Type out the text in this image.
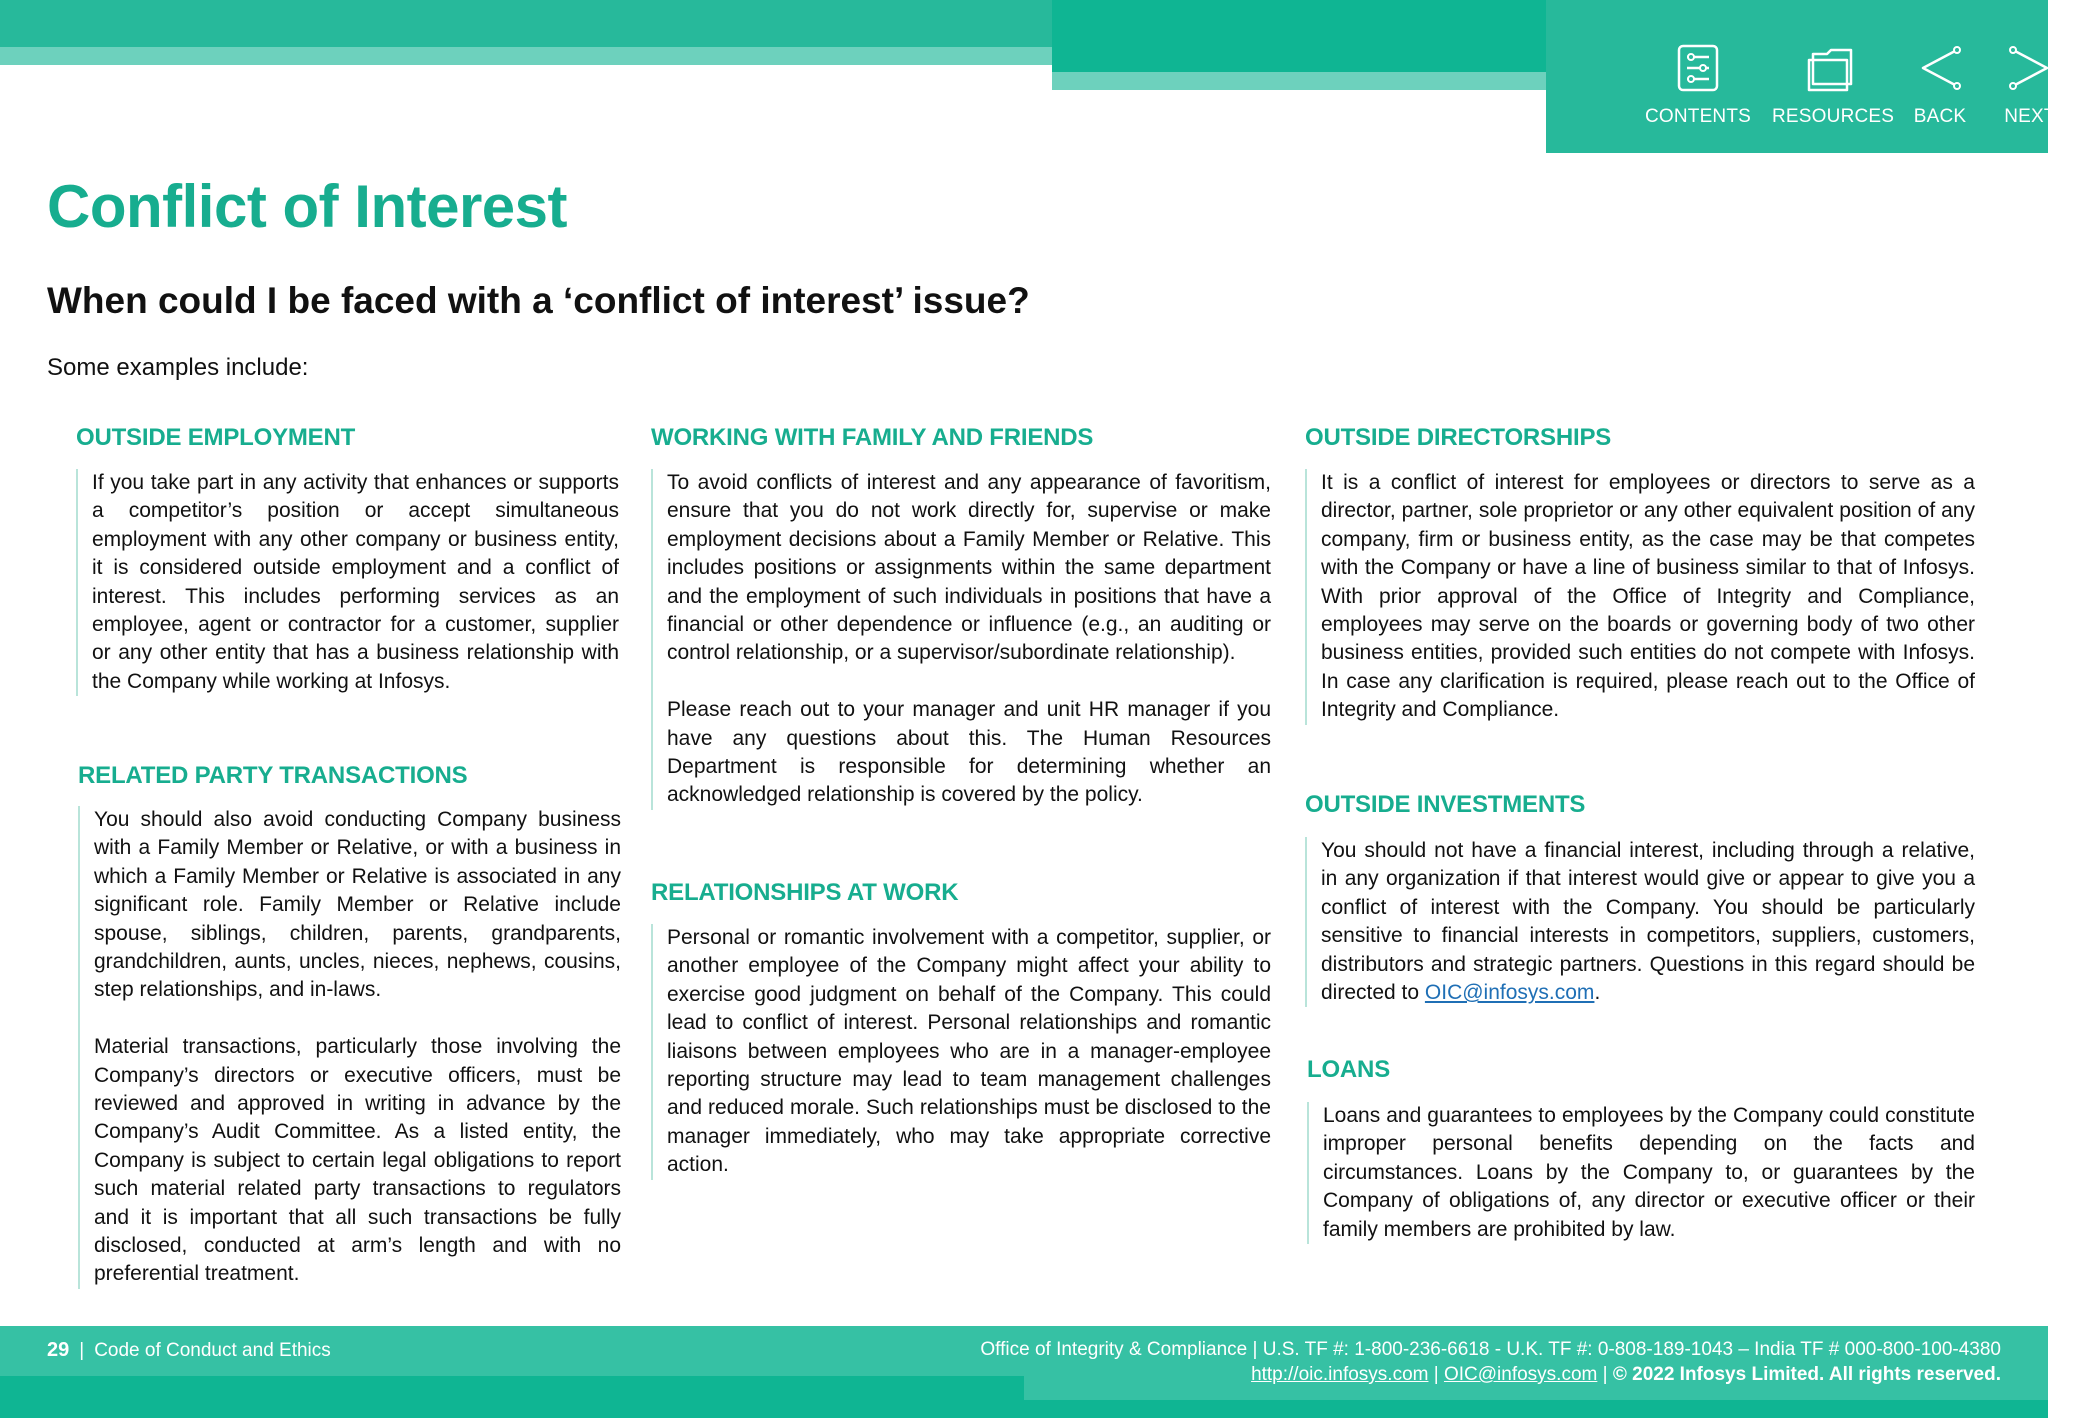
CONTENTS	RESOURCES	BACK	NEXT
Conflict of Interest
When could I be faced with a ‘conflict of interest’ issue?

Some examples include:

OUTSIDE EMPLOYMENT

If you take part in any activity that enhances or supports a competitor’s position or accept simultaneous employment with any other company or business entity, it is considered outside employment and a conflict of interest. This includes performing services as an employee, agent or contractor for a customer, supplier or any other entity that has a business relationship with the Company while working at Infosys.

RELATED PARTY TRANSACTIONS

You should also avoid conducting Company business with a Family Member or Relative, or with a business in which a Family Member or Relative is associated in any significant role. Family Member or Relative include spouse, siblings, children, parents, grandparents, grandchildren, aunts, uncles, nieces, nephews, cousins, step relationships, and in-laws.

Material transactions, particularly those involving the Company’s directors or executive officers, must be reviewed and approved in writing in advance by the Company’s Audit Committee. As a listed entity, the Company is subject to certain legal obligations to report such material related party transactions to regulators and it is important that all such transactions be fully disclosed, conducted at arm’s length and with no preferential treatment.

WORKING WITH FAMILY AND FRIENDS

To avoid conflicts of interest and any appearance of favoritism, ensure that you do not work directly for, supervise or make employment decisions about a Family Member or Relative. This includes positions or assignments within the same department and the employment of such individuals in positions that have a financial or other dependence or influence (e.g., an auditing or control relationship, or a supervisor/subordinate relationship).

Please reach out to your manager and unit HR manager if you have any questions about this. The Human Resources Department is responsible for determining whether an acknowledged relationship is covered by the policy.

RELATIONSHIPS AT WORK

Personal or romantic involvement with a competitor, supplier, or another employee of the Company might affect your ability to exercise good judgment on behalf of the Company. This could lead to conflict of interest. Personal relationships and romantic liaisons between employees who are in a manager-employee reporting structure may lead to team management challenges and reduced morale. Such relationships must be disclosed to the manager immediately, who may take appropriate corrective action.

OUTSIDE DIRECTORSHIPS

It is a conflict of interest for employees or directors to serve as a director, partner, sole proprietor or any other equivalent position of any company, firm or business entity, as the case may be that competes with the Company or have a line of business similar to that of Infosys. With prior approval of the Office of Integrity and Compliance, employees may serve on the boards or governing body of two other business entities, provided such entities do not compete with Infosys. In case any clarification is required, please reach out to the Office of Integrity and Compliance.

OUTSIDE INVESTMENTS

You should not have a financial interest, including through a relative, in any organization if that interest would give or appear to give you a conflict of interest with the Company. You should be particularly sensitive to financial interests in competitors, suppliers, customers, distributors and strategic partners. Questions in this regard should be directed to OIC@infosys.com.

LOANS

Loans and guarantees to employees by the Company could constitute improper personal benefits depending on the facts and circumstances. Loans by the Company to, or guarantees by the Company of obligations of, any director or executive officer or their family members are prohibited by law.

29 | Code of Conduct and Ethics	Office of Integrity & Compliance | U.S. TF #: 1-800-236-6618 - U.K. TF #: 0-808-189-1043 – India TF # 000-800-100-4380
http://oic.infosys.com | OIC@infosys.com | © 2022 Infosys Limited. All rights reserved.
